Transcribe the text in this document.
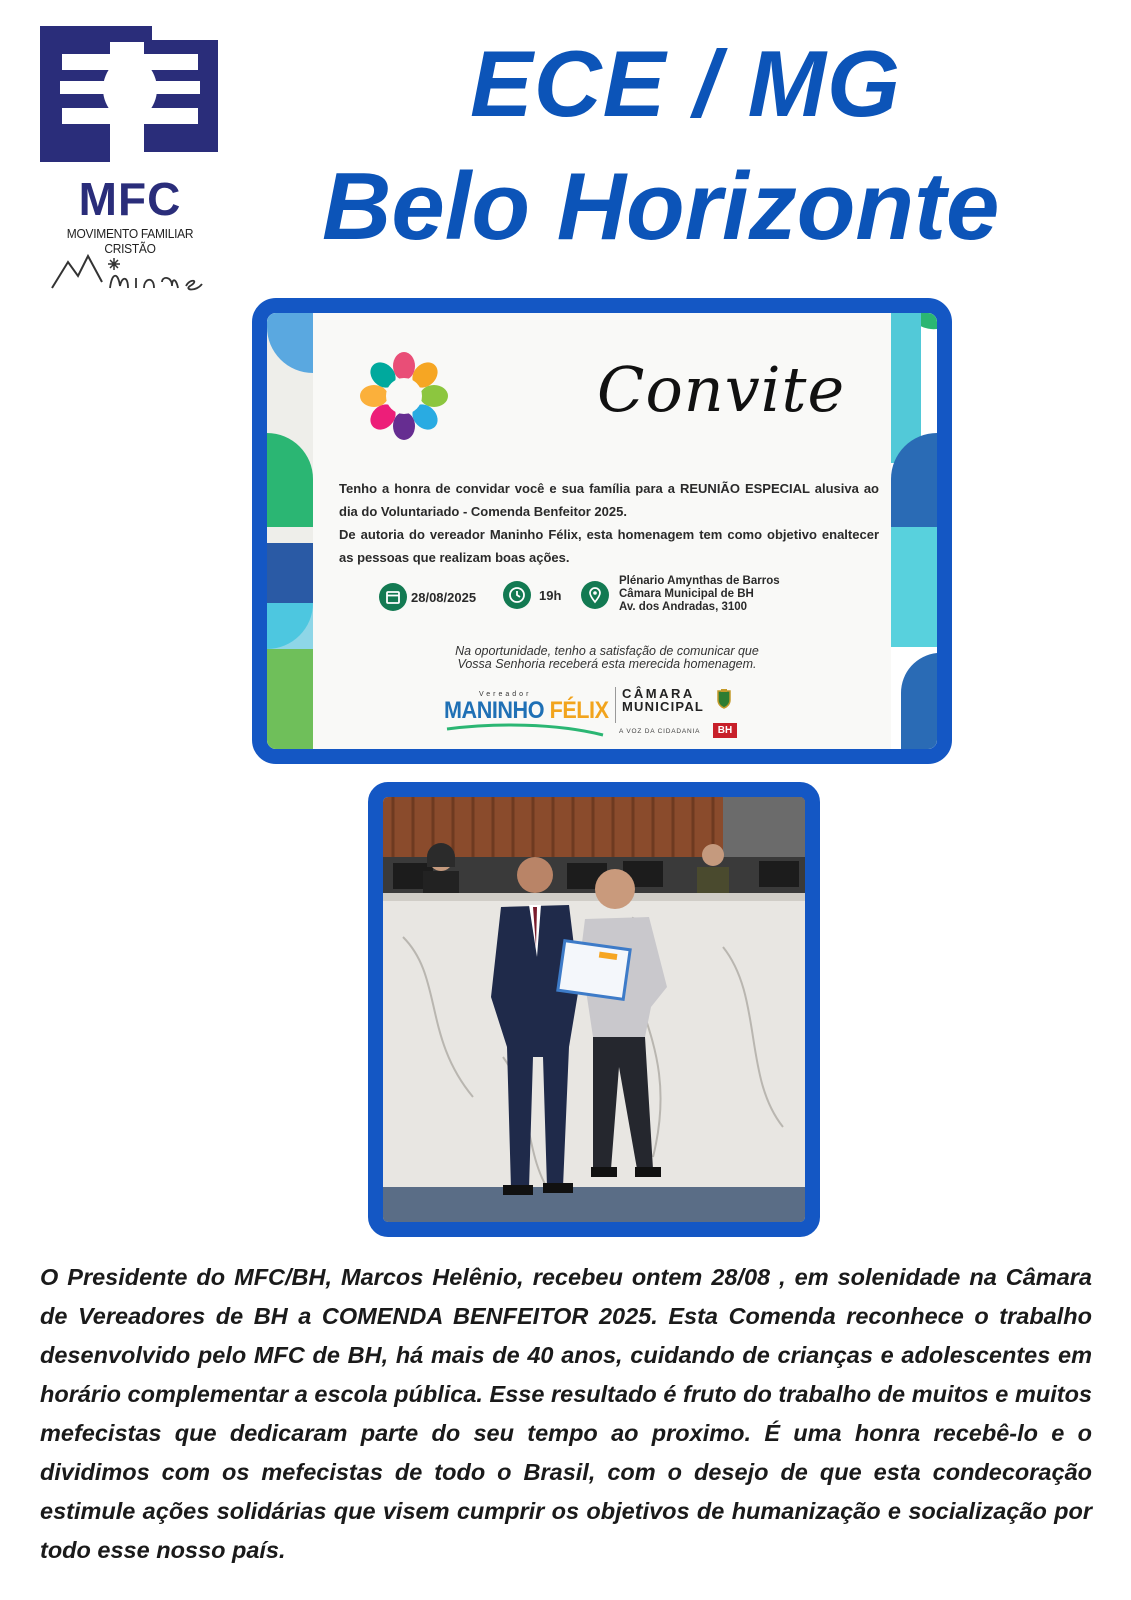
MFC
MOVIMENTO FAMILIAR CRISTÃO
ECE / MG
Belo Horizonte
Convite

Tenho a honra de convidar você e sua família para a REUNIÃO ESPECIAL alusiva ao dia do Voluntariado - Comenda Benfeitor 2025.

De autoria do vereador Maninho Félix, esta homenagem tem como objetivo enaltecer as pessoas que realizam boas ações.

28/08/2025	19h
Plénario Amynthas de Barros
Câmara Municipal de BH
Av. dos Andradas, 3100
Na oportunidade, tenho a satisfação de comunicar que
Vossa Senhoria receberá esta merecida homenagem.
Vereador
MANINHO FÉLIX
CÂMARA
MUNICIPAL
A VOZ DA CIDADANIA	BH
O Presidente do MFC/BH, Marcos Helênio, recebeu ontem 28/08 , em solenidade na Câmara de Vereadores de BH a COMENDA BENFEITOR 2025. Esta Comenda reconhece o trabalho desenvolvido pelo MFC de BH, há mais de 40 anos, cuidando de crianças e adolescentes em horário complementar a escola pública. Esse resultado é fruto do trabalho de muitos e muitos mefecistas que dedicaram parte do seu tempo ao proximo. É uma honra recebê-lo e o dividimos com os mefecistas de todo o Brasil, com o desejo de que esta condecoração estimule ações solidárias que visem cumprir os objetivos de humanização e socialização por todo esse nosso país.
